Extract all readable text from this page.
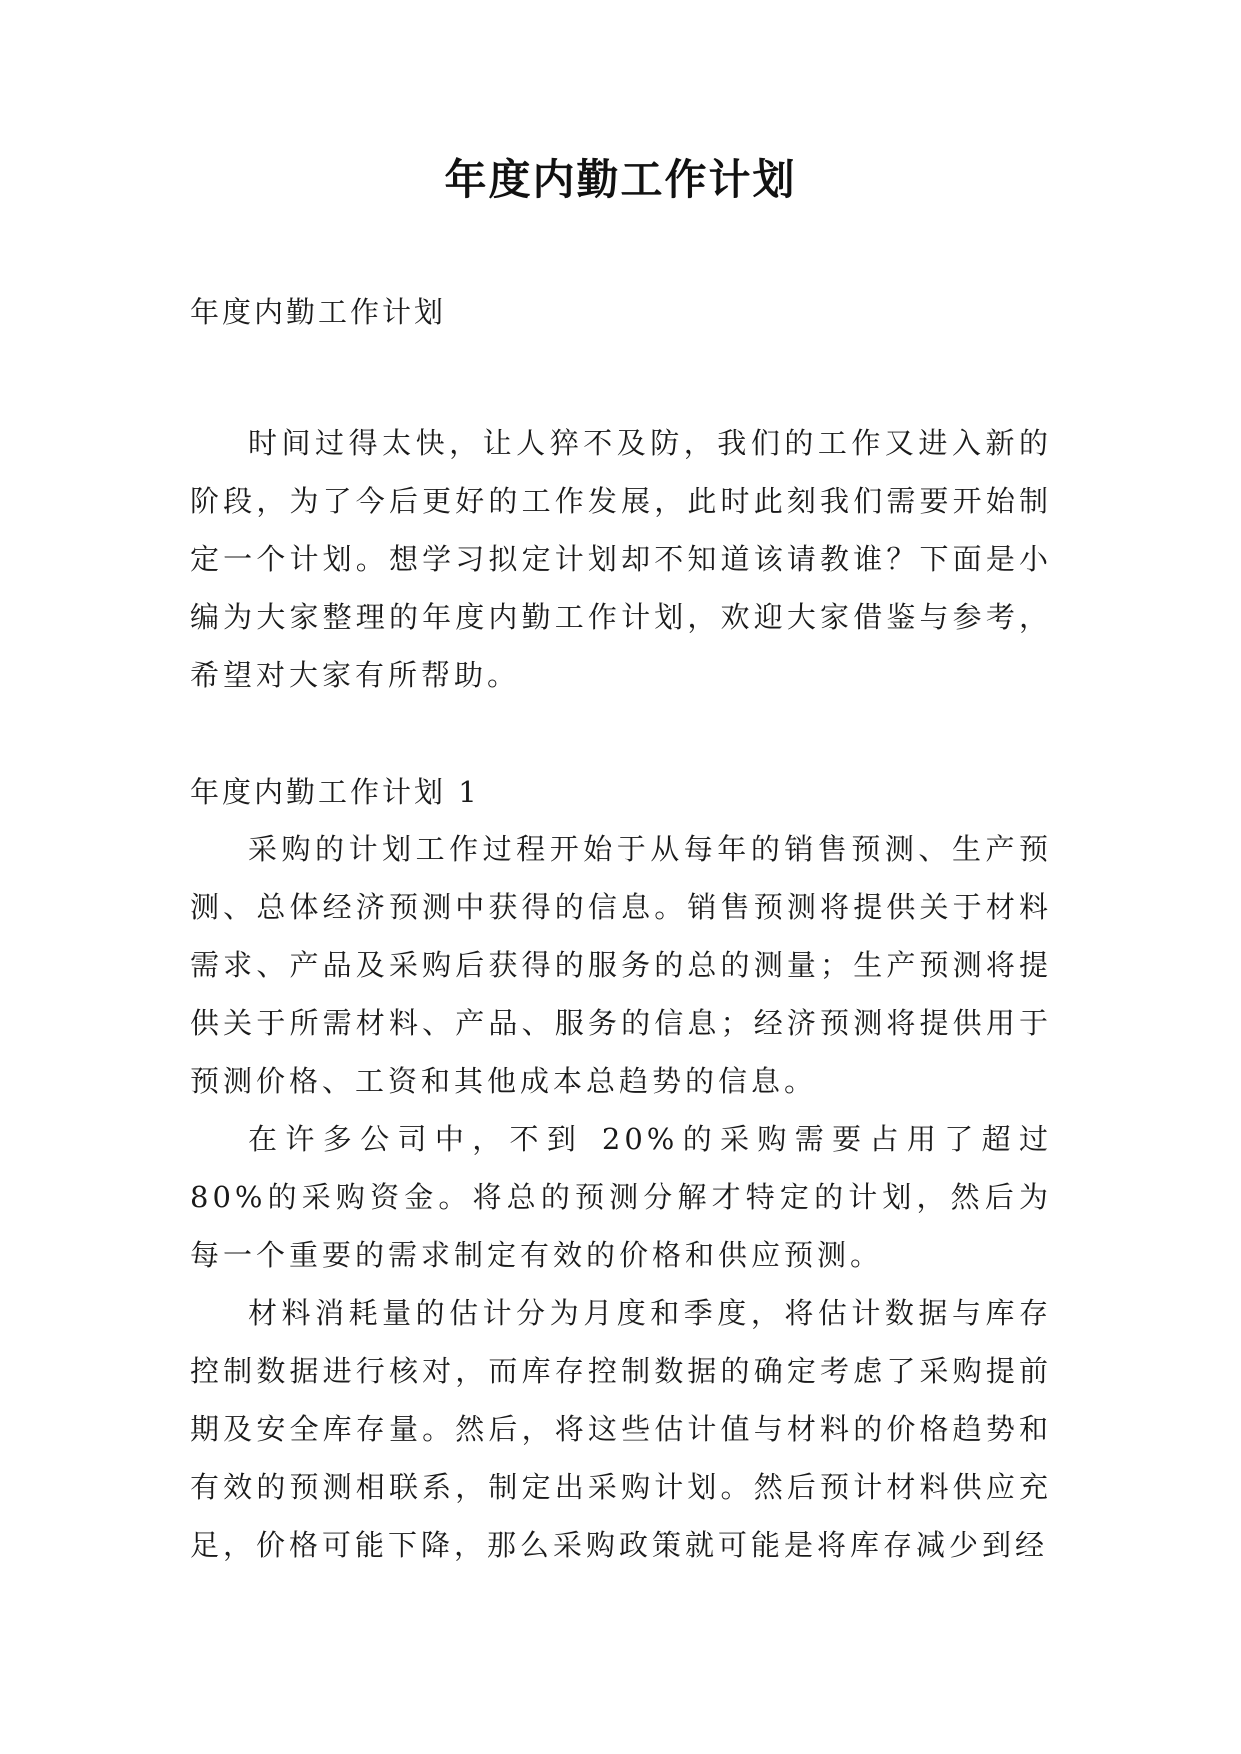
年度内勤工作计划

年度内勤工作计划

时间过得太快，让人猝不及防，我们的工作又进入新的阶段，为了今后更好的工作发展，此时此刻我们需要开始制定一个计划。想学习拟定计划却不知道该请教谁？下面是小编为大家整理的年度内勤工作计划，欢迎大家借鉴与参考，希望对大家有所帮助。

年度内勤工作计划 1

采购的计划工作过程开始于从每年的销售预测、生产预测、总体经济预测中获得的信息。销售预测将提供关于材料需求、产品及采购后获得的服务的总的测量；生产预测将提供关于所需材料、产品、服务的信息；经济预测将提供用于预测价格、工资和其他成本总趋势的信息。

在许多公司中，不到 20%的采购需要占用了超过 80%的采购资金。将总的预测分解才特定的计划，然后为每一个重要的需求制定有效的价格和供应预测。

材料消耗量的估计分为月度和季度，将估计数据与库存控制数据进行核对，而库存控制数据的确定考虑了采购提前期及安全库存量。然后，将这些估计值与材料的价格趋势和有效的预测相联系，制定出采购计划。然后预计材料供应充足，价格可能下降，那么采购政策就可能是将库存减少到经
